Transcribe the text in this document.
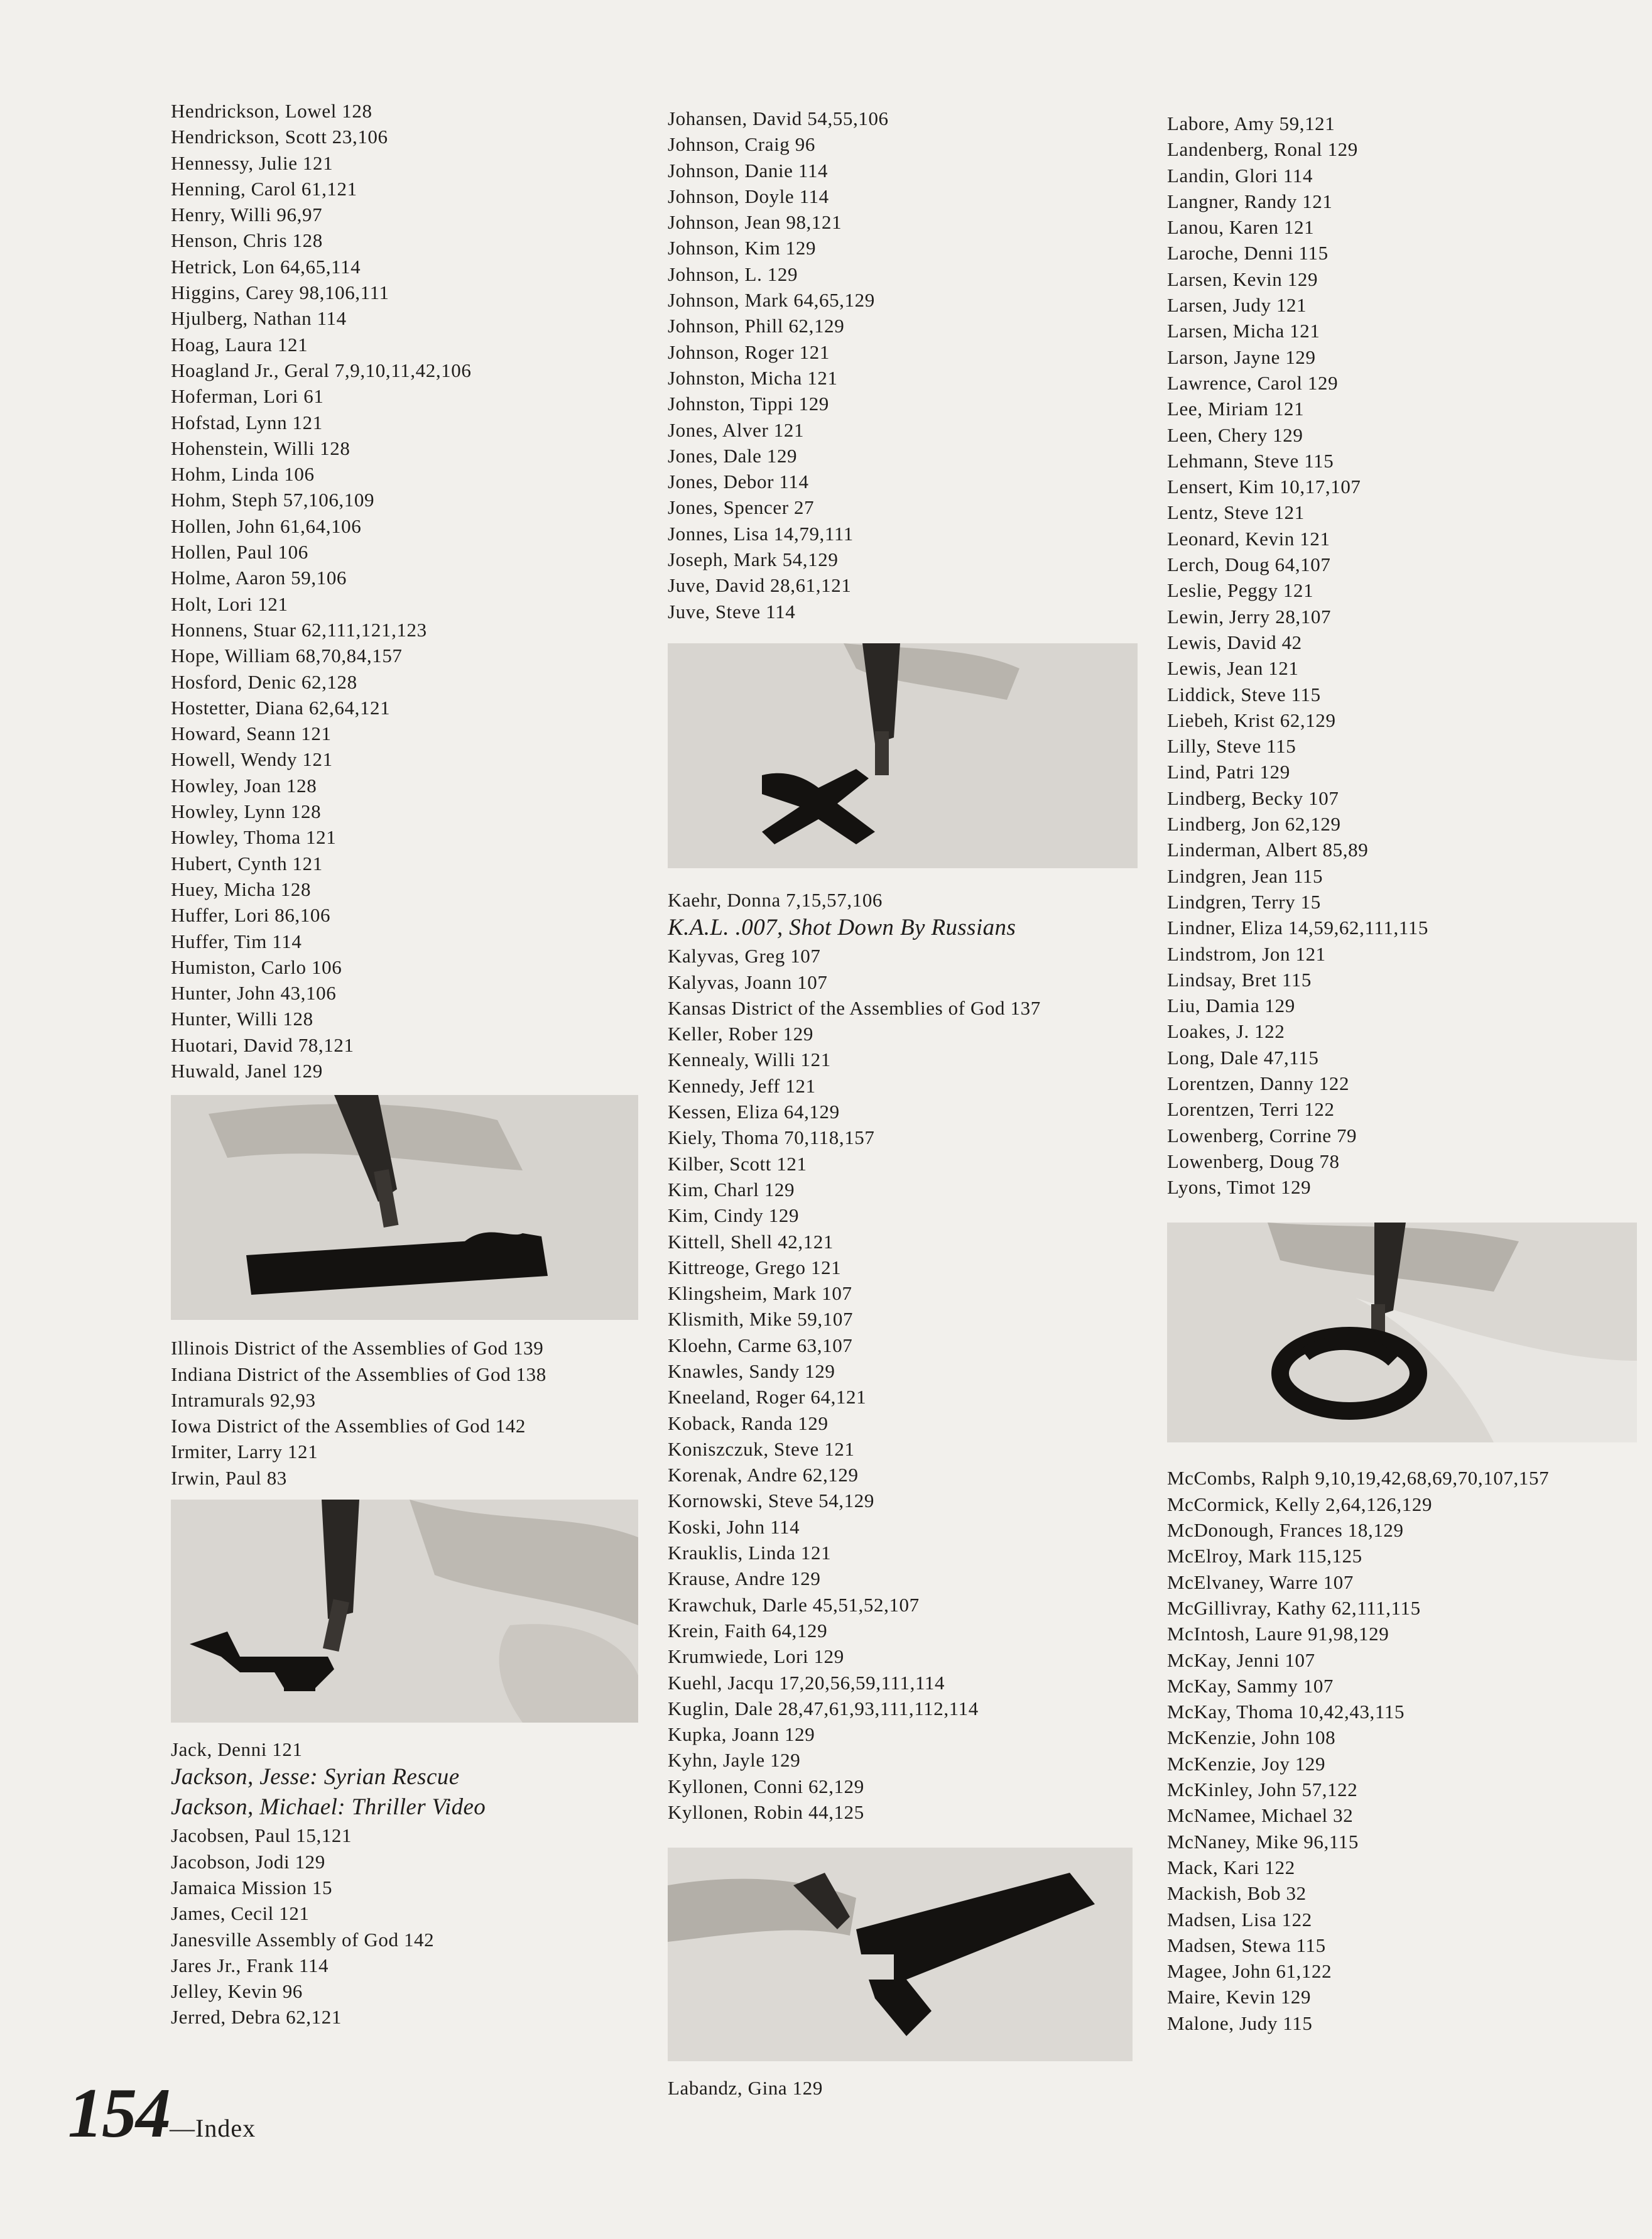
Hendrickson, Lowel 128
Hendrickson, Scott 23,106
Hennessy, Julie 121
Henning, Carol 61,121
Henry, Willi 96,97
Henson, Chris 128
Hetrick, Lon 64,65,114
Higgins, Carey 98,106,111
Hjulberg, Nathan 114
Hoag, Laura 121
Hoagland Jr., Geral 7,9,10,11,42,106
Hoferman, Lori 61
Hofstad, Lynn 121
Hohenstein, Willi 128
Hohm, Linda 106
Hohm, Steph 57,106,109
Hollen, John 61,64,106
Hollen, Paul 106
Holme, Aaron 59,106
Holt, Lori 121
Honnens, Stuar 62,111,121,123
Hope, William 68,70,84,157
Hosford, Denic 62,128
Hostetter, Diana 62,64,121
Howard, Seann 121
Howell, Wendy 121
Howley, Joan 128
Howley, Lynn 128
Howley, Thoma 121
Hubert, Cynth 121
Huey, Micha 128
Huffer, Lori 86,106
Huffer, Tim 114
Humiston, Carlo 106
Hunter, John 43,106
Hunter, Willi 128
Huotari, David 78,121
Huwald, Janel 129
Illinois District of the Assemblies of God 139
Indiana District of the Assemblies of God 138
Intramurals 92,93
Iowa District of the Assemblies of God 142
Irmiter, Larry 121
Irwin, Paul 83
Jack, Denni 121
Jackson, Jesse: Syrian Rescue
Jackson, Michael: Thriller Video
Jacobsen, Paul 15,121
Jacobson, Jodi 129
Jamaica Mission 15
James, Cecil 121
Janesville Assembly of God 142
Jares Jr., Frank 114
Jelley, Kevin 96
Jerred, Debra 62,121
Johansen, David 54,55,106
Johnson, Craig 96
Johnson, Danie 114
Johnson, Doyle 114
Johnson, Jean 98,121
Johnson, Kim 129
Johnson, L. 129
Johnson, Mark 64,65,129
Johnson, Phill 62,129
Johnson, Roger 121
Johnston, Micha 121
Johnston, Tippi 129
Jones, Alver 121
Jones, Dale 129
Jones, Debor 114
Jones, Spencer 27
Jonnes, Lisa 14,79,111
Joseph, Mark 54,129
Juve, David 28,61,121
Juve, Steve 114
Kaehr, Donna 7,15,57,106
K.A.L. .007, Shot Down By Russians
Kalyvas, Greg 107
Kalyvas, Joann 107
Kansas District of the Assemblies of God 137
Keller, Rober 129
Kennealy, Willi 121
Kennedy, Jeff 121
Kessen, Eliza 64,129
Kiely, Thoma 70,118,157
Kilber, Scott 121
Kim, Charl 129
Kim, Cindy 129
Kittell, Shell 42,121
Kittreoge, Grego 121
Klingsheim, Mark 107
Klismith, Mike 59,107
Kloehn, Carme 63,107
Knawles, Sandy 129
Kneeland, Roger 64,121
Koback, Randa 129
Koniszczuk, Steve 121
Korenak, Andre 62,129
Kornowski, Steve 54,129
Koski, John 114
Krauklis, Linda 121
Krause, Andre 129
Krawchuk, Darle 45,51,52,107
Krein, Faith 64,129
Krumwiede, Lori 129
Kuehl, Jacqu 17,20,56,59,111,114
Kuglin, Dale 28,47,61,93,111,112,114
Kupka, Joann 129
Kyhn, Jayle 129
Kyllonen, Conni 62,129
Kyllonen, Robin 44,125
Labandz, Gina 129
Labore, Amy 59,121
Landenberg, Ronal 129
Landin, Glori 114
Langner, Randy 121
Lanou, Karen 121
Laroche, Denni 115
Larsen, Kevin 129
Larsen, Judy 121
Larsen, Micha 121
Larson, Jayne 129
Lawrence, Carol 129
Lee, Miriam 121
Leen, Chery 129
Lehmann, Steve 115
Lensert, Kim 10,17,107
Lentz, Steve 121
Leonard, Kevin 121
Lerch, Doug 64,107
Leslie, Peggy 121
Lewin, Jerry 28,107
Lewis, David 42
Lewis, Jean 121
Liddick, Steve 115
Liebeh, Krist 62,129
Lilly, Steve 115
Lind, Patri 129
Lindberg, Becky 107
Lindberg, Jon 62,129
Linderman, Albert 85,89
Lindgren, Jean 115
Lindgren, Terry 15
Lindner, Eliza 14,59,62,111,115
Lindstrom, Jon 121
Lindsay, Bret 115
Liu, Damia 129
Loakes, J. 122
Long, Dale 47,115
Lorentzen, Danny 122
Lorentzen, Terri 122
Lowenberg, Corrine 79
Lowenberg, Doug 78
Lyons, Timot 129
McCombs, Ralph 9,10,19,42,68,69,70,107,157
McCormick, Kelly 2,64,126,129
McDonough, Frances 18,129
McElroy, Mark 115,125
McElvaney, Warre 107
McGillivray, Kathy 62,111,115
McIntosh, Laure 91,98,129
McKay, Jenni 107
McKay, Sammy 107
McKay, Thoma 10,42,43,115
McKenzie, John 108
McKenzie, Joy 129
McKinley, John 57,122
McNamee, Michael 32
McNaney, Mike 96,115
Mack, Kari 122
Mackish, Bob 32
Madsen, Lisa 122
Madsen, Stewa 115
Magee, John 61,122
Maire, Kevin 129
Malone, Judy 115
154—Index
